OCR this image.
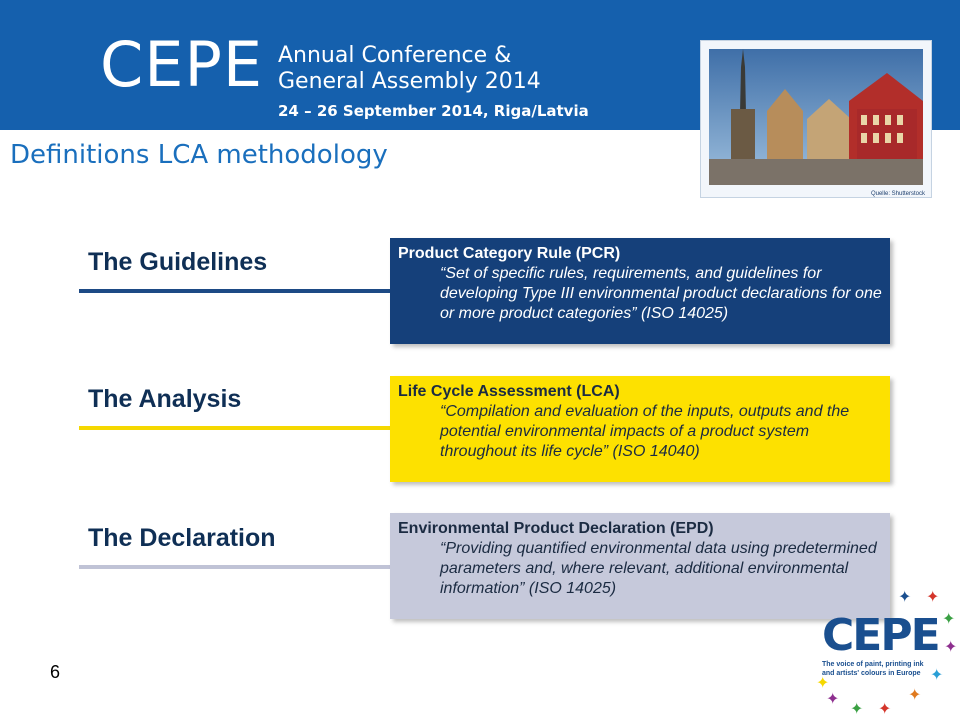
CEPE Annual Conference &
General Assembly 2014
24 – 26 September 2014, Riga/Latvia
Quelle: Shutterstock
Definitions LCA methodology
The Guidelines	Product Category Rule (PCR)
“Set of specific rules, requirements, and guidelines for developing Type III environmental product declarations for one or more product categories” (ISO 14025)
The Analysis	Life Cycle Assessment (LCA)
“Compilation and evaluation of the inputs, outputs and the potential environmental impacts of a product system throughout its life cycle” (ISO 14040)
The Declaration	Environmental Product Declaration (EPD)
“Providing quantified environmental data using predetermined parameters and, where relevant, additional environmental information” (ISO 14025)
6
✦ ✦
✦
✦
✦
✦
✦
✦
✦
✦
CEPE
The voice of paint, printing ink and artists' colours in Europe
